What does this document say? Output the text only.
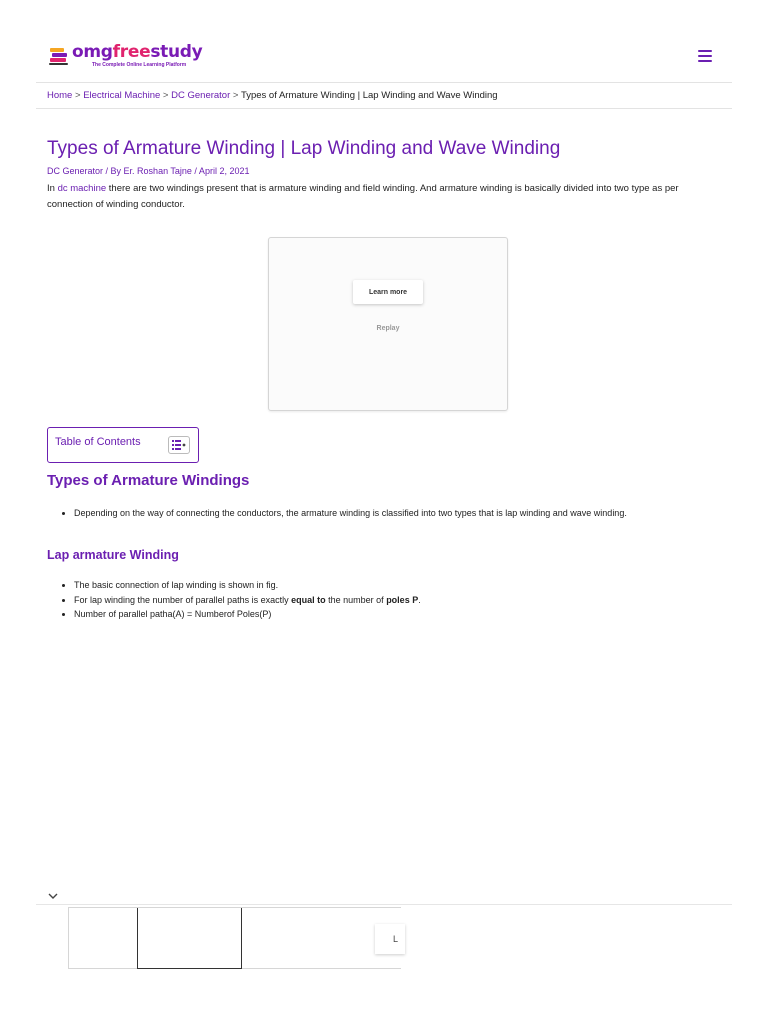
omgfreestudy
The Complete Online Learning Platform
Home > Electrical Machine > DC Generator > Types of Armature Winding | Lap Winding and Wave Winding
Types of Armature Winding | Lap Winding and Wave Winding
DC Generator / By Er. Roshan Tajne / April 2, 2021

In dc machine there are two windings present that is armature winding and field winding. And armature winding is basically divided into two type as per connection of winding conductor.

Learn more
Replay
Table of Contents
Types of Armature Windings
• Depending on the way of connecting the conductors, the armature winding is classified into two types that is lap winding and wave winding.
Lap armature Winding
• The basic connection of lap winding is shown in fig.
• For lap winding the number of parallel paths is exactly equal to the number of poles P.
• Number of parallel patha(A) = Numberof Poles(P)
L
